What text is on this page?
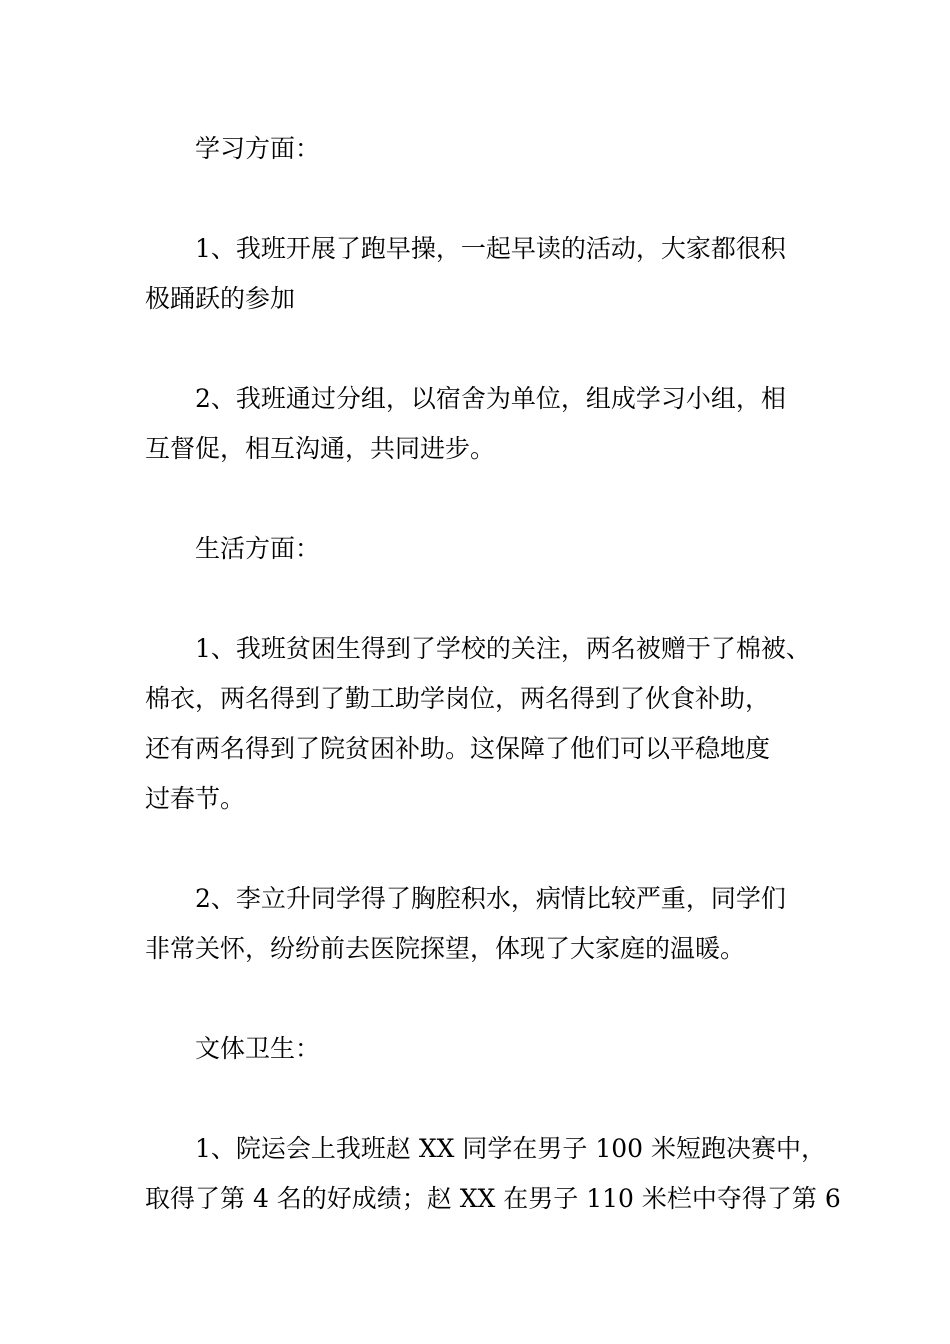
学习方面：
1、我班开展了跑早操，一起早读的活动，大家都很积
极踊跃的参加
2、我班通过分组，以宿舍为单位，组成学习小组，相
互督促，相互沟通，共同进步。
生活方面：
1、我班贫困生得到了学校的关注，两名被赠于了棉被、
棉衣，两名得到了勤工助学岗位，两名得到了伙食补助，
还有两名得到了院贫困补助。这保障了他们可以平稳地度
过春节。
2、李立升同学得了胸腔积水，病情比较严重，同学们
非常关怀，纷纷前去医院探望，体现了大家庭的温暖。
文体卫生：
1、院运会上我班赵 XX 同学在男子 100 米短跑决赛中，
取得了第 4 名的好成绩；赵 XX 在男子 110 米栏中夺得了第 6
